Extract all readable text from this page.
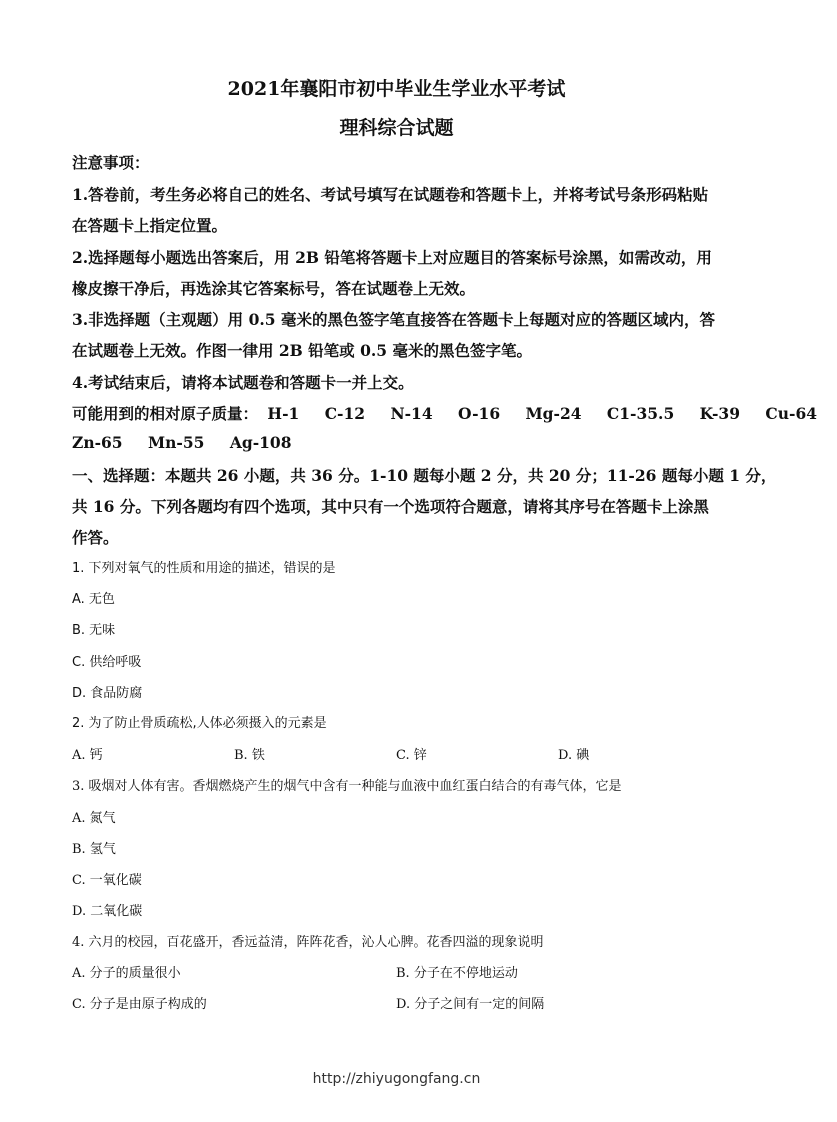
2021年襄阳市初中毕业生学业水平考试
理科综合试题
注意事项：
1.答卷前，考生务必将自己的姓名、考试号填写在试题卷和答题卡上，并将考试号条形码粘贴
在答题卡上指定位置。
2.选择题每小题选出答案后，用 2B 铅笔将答题卡上对应题目的答案标号涂黑，如需改动，用
橡皮擦干净后，再选涂其它答案标号，答在试题卷上无效。
3.非选择题（主观题）用 0.5 毫米的黑色签字笔直接答在答题卡上每题对应的答题区域内，答
在试题卷上无效。作图一律用 2B 铅笔或 0.5 毫米的黑色签字笔。
4.考试结束后，请将本试题卷和答题卡一并上交。
可能用到的相对原子质量： H-1 C-12 N-14 O-16 Mg-24 C1-35.5 K-39 Cu-64
Zn-65 Mn-55 Ag-108
一、选择题：本题共 26 小题，共 36 分。1-10 题每小题 2 分，共 20 分；11-26 题每小题 1 分，
共 16 分。下列各题均有四个选项，其中只有一个选项符合题意，请将其序号在答题卡上涂黑
作答。
1. 下列对氧气的性质和用途的描述，错误的是
A. 无色
B. 无味
C. 供给呼吸
D. 食品防腐
2. 为了防止骨质疏松,人体必须摄入的元素是
A. 钙	B. 铁	C. 锌	D. 碘
3. 吸烟对人体有害。香烟燃烧产生的烟气中含有一种能与血液中血红蛋白结合的有毒气体，它是
A. 氮气
B. 氢气
C. 一氧化碳
D. 二氧化碳
4. 六月的校园，百花盛开，香远益清，阵阵花香，沁人心脾。花香四溢的现象说明
A. 分子的质量很小	B. 分子在不停地运动
C. 分子是由原子构成的	D. 分子之间有一定的间隔
http://zhiyugongfang.cn
